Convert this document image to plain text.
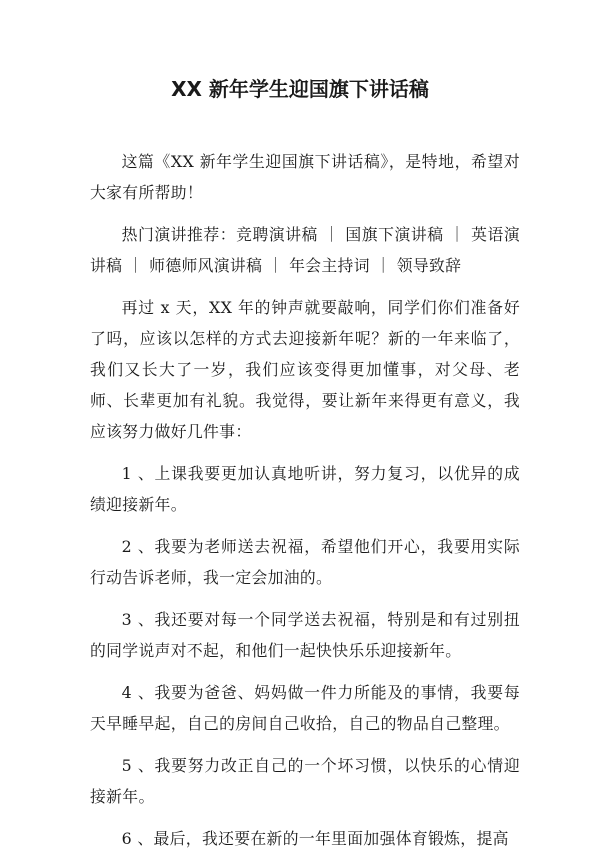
XX 新年学生迎国旗下讲话稿

这篇《XX 新年学生迎国旗下讲话稿》，是特地，希望对大家有所帮助！

热门演讲推荐：竞聘演讲稿 ｜ 国旗下演讲稿 ｜ 英语演讲稿 ｜ 师德师风演讲稿 ｜ 年会主持词 ｜ 领导致辞

再过 x 天，XX 年的钟声就要敲响，同学们你们准备好了吗，应该以怎样的方式去迎接新年呢？新的一年来临了，我们又长大了一岁，我们应该变得更加懂事，对父母、老师、长辈更加有礼貌。我觉得，要让新年来得更有意义，我应该努力做好几件事：

1 、上课我要更加认真地听讲，努力复习，以优异的成绩迎接新年。

2 、我要为老师送去祝福，希望他们开心，我要用实际行动告诉老师，我一定会加油的。

3 、我还要对每一个同学送去祝福，特别是和有过别扭的同学说声对不起，和他们一起快快乐乐迎接新年。

4 、我要为爸爸、妈妈做一件力所能及的事情，我要每天早睡早起，自己的房间自己收拾，自己的物品自己整理。

5 、我要努力改正自己的一个坏习惯，以快乐的心情迎接新年。

6 、最后，我还要在新的一年里面加强体育锻炼，提高
